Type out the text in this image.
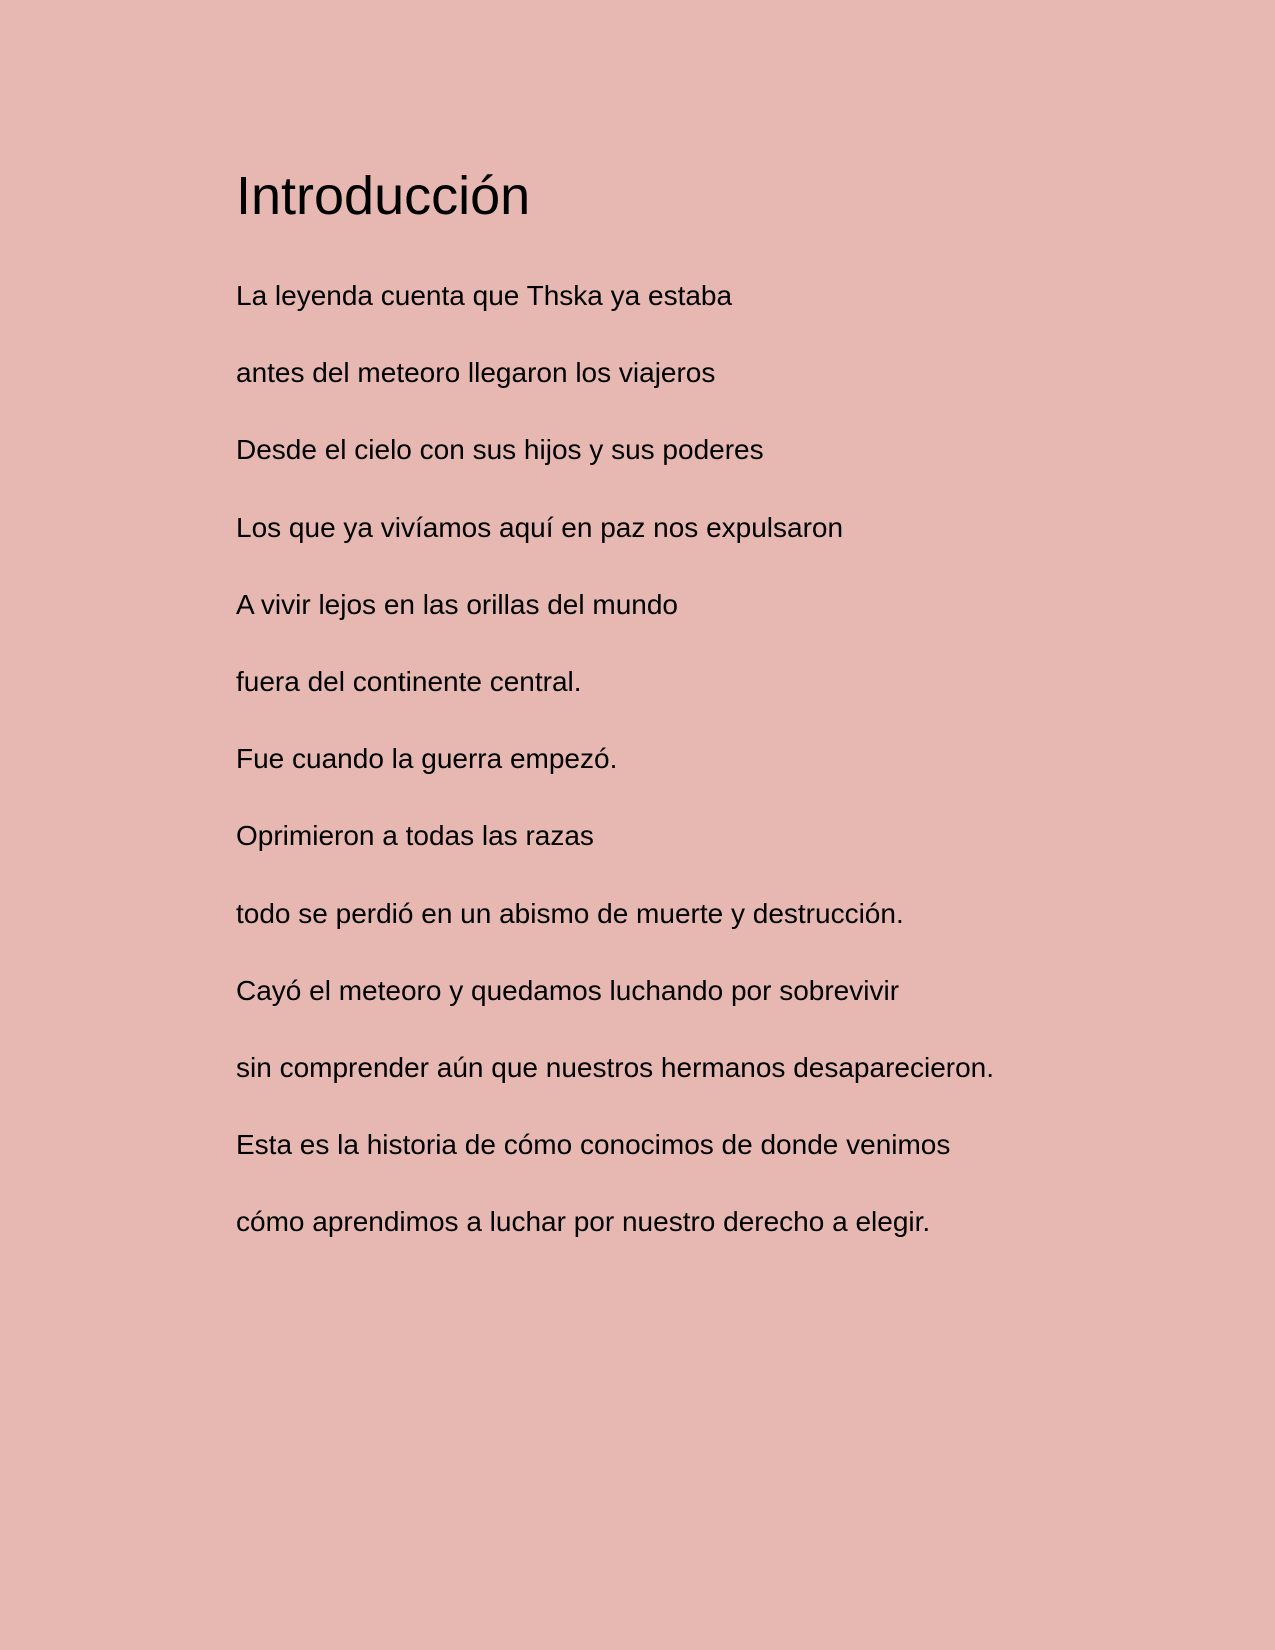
Introducción
La leyenda cuenta que Thska ya estaba
antes del meteoro llegaron los viajeros
Desde el cielo con sus hijos y sus poderes
Los que ya vivíamos aquí en paz nos expulsaron
A vivir lejos en las orillas del mundo
fuera del continente central.
Fue cuando la guerra empezó.
Oprimieron a todas las razas
todo se perdió en un abismo de muerte y destrucción.
Cayó el meteoro y quedamos luchando por sobrevivir
sin comprender aún que nuestros hermanos desaparecieron.
Esta es la historia de cómo conocimos de donde venimos
cómo aprendimos a luchar por nuestro derecho a elegir.
